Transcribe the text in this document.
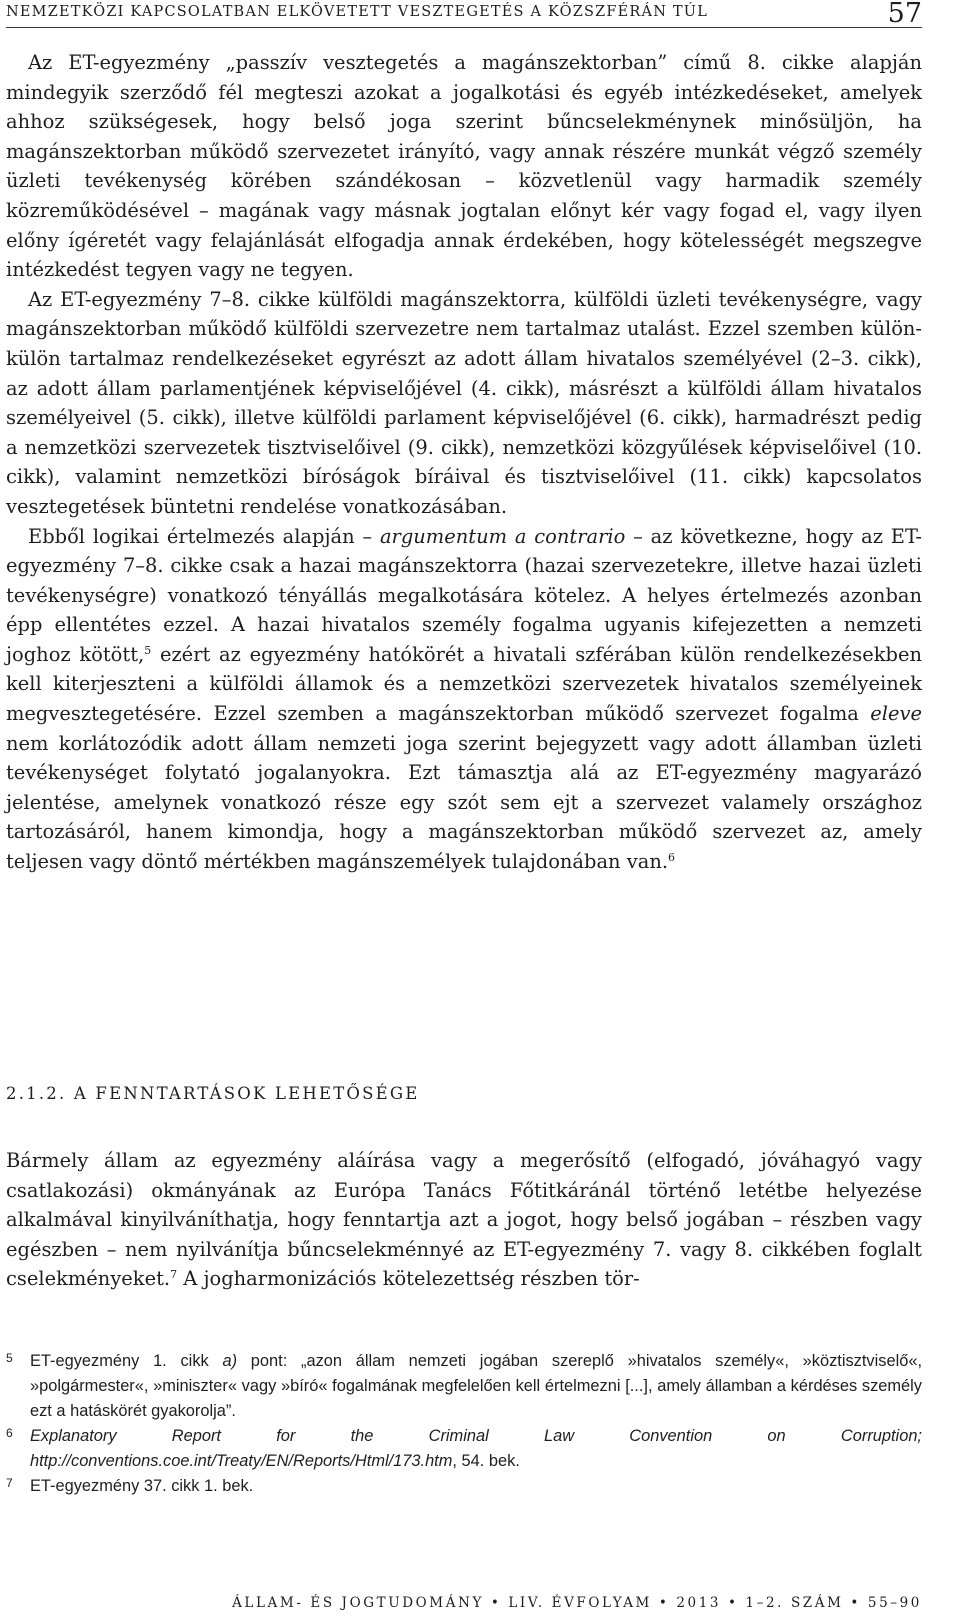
NEMZETKÖZI KAPCSOLATBAN ELKÖVETETT VESZTEGETÉS A KÖZSZFÉRÁN TÚL	57

Az ET-egyezmény „passzív vesztegetés a magánszektorban” című 8. cikke alapján mindegyik szerződő fél megteszi azokat a jogalkotási és egyéb intézkedéseket, amelyek ahhoz szükségesek, hogy belső joga szerint bűncselekménynek minősüljön, ha magánszektorban működő szervezetet irányító, vagy annak részére munkát végző személy üzleti tevékenység körében szándékosan – közvetlenül vagy harmadik személy közreműködésével – magának vagy másnak jogtalan előnyt kér vagy fogad el, vagy ilyen előny ígéretét vagy felajánlását elfogadja annak érdekében, hogy kötelességét megszegve intézkedést tegyen vagy ne tegyen.

Az ET-egyezmény 7–8. cikke külföldi magánszektorra, külföldi üzleti tevékenységre, vagy magánszektorban működő külföldi szervezetre nem tartalmaz utalást. Ezzel szemben külön-külön tartalmaz rendelkezéseket egyrészt az adott állam hivatalos személyével (2–3. cikk), az adott állam parlamentjének képviselőjével (4. cikk), másrészt a külföldi állam hivatalos személyeivel (5. cikk), illetve külföldi parlament képviselőjével (6. cikk), harmadrészt pedig a nemzetközi szervezetek tisztviselőivel (9. cikk), nemzetközi közgyűlések képviselőivel (10. cikk), valamint nemzetközi bíróságok bíráival és tisztviselőivel (11. cikk) kapcsolatos vesztegetések büntetni rendelése vonatkozásában.

Ebből logikai értelmezés alapján – argumentum a contrario – az következne, hogy az ET-egyezmény 7–8. cikke csak a hazai magánszektorra (hazai szervezetekre, illetve hazai üzleti tevékenységre) vonatkozó tényállás megalkotására kötelez. A helyes értelmezés azonban épp ellentétes ezzel. A hazai hivatalos személy fogalma ugyanis kifejezetten a nemzeti joghoz kötött,$^5$ ezért az egyezmény hatókörét a hivatali szférában külön rendelkezésekben kell kiterjeszteni a külföldi államok és a nemzetközi szervezetek hivatalos személyeinek megvesztegetésére. Ezzel szemben a magánszektorban működő szervezet fogalma eleve nem korlátozódik adott állam nemzeti joga szerint bejegyzett vagy adott államban üzleti tevékenységet folytató jogalanyokra. Ezt támasztja alá az ET-egyezmény magyarázó jelentése, amelynek vonatkozó része egy szót sem ejt a szervezet valamely országhoz tartozásáról, hanem kimondja, hogy a magánszektorban működő szervezet az, amely teljesen vagy döntő mértékben magánszemélyek tulajdonában van.$^6$

2.1.2. A FENNTARTÁSOK LEHETŐSÉGE

Bármely állam az egyezmény aláírása vagy a megerősítő (elfogadó, jóváhagyó vagy csatlakozási) okmányának az Európa Tanács Főtitkáránál történő letétbe helyezése alkalmával kinyilváníthatja, hogy fenntartja azt a jogot, hogy belső jogában – részben vagy egészben – nem nyilvánítja bűncselekménnyé az ET-egyezmény 7. vagy 8. cikkében foglalt cselekményeket.$^7$ A jogharmonizációs kötelezettség részben tör-

5 ET-egyezmény 1. cikk a) pont: „azon állam nemzeti jogában szereplő »hivatalos személy«, »köztisztviselő«, »polgármester«, »miniszter« vagy »bíró« fogalmának megfelelően kell értelmezni [...], amely államban a kérdéses személy ezt a hatáskörét gyakorolja”.
6 Explanatory Report for the Criminal Law Convention on Corruption; http://conventions.coe.int/Treaty/EN/Reports/Html/173.htm, 54. bek.
7 ET-egyezmény 37. cikk 1. bek.
ÁLLAM- ÉS JOGTUDOMÁNY • LIV. ÉVFOLYAM • 2013 • 1–2. SZÁM • 55–90
